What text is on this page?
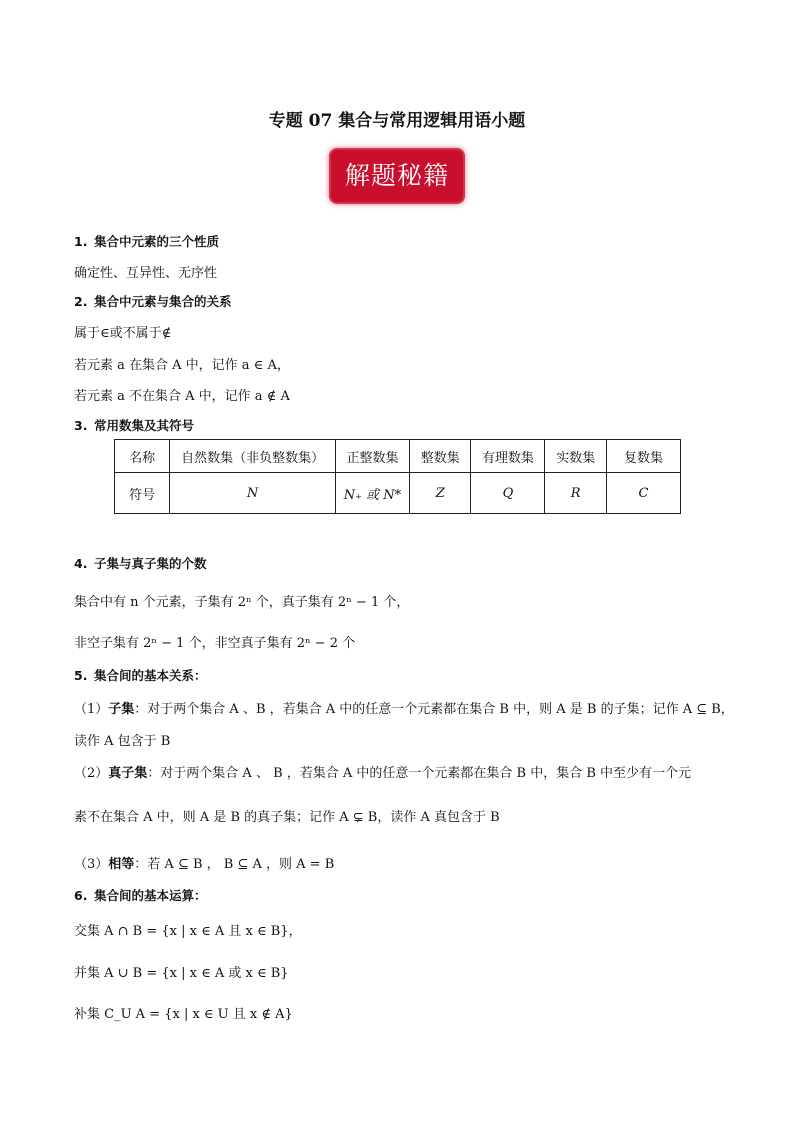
专题 07 集合与常用逻辑用语小题
解题秘籍
1. 集合中元素的三个性质
确定性、互异性、无序性
2. 集合中元素与集合的关系
属于∈或不属于∉
若元素 a 在集合 A 中，记作 a ∈ A，
若元素 a 不在集合 A 中，记作 a ∉ A
3. 常用数集及其符号
名称	自然数集（非负整数集）	正整数集	整数集	有理数集	实数集	复数集
符号	N	N₊ 或 N*	Z	Q	R	C
4. 子集与真子集的个数
集合中有 n 个元素，子集有 2ⁿ 个，真子集有 2ⁿ − 1 个，
非空子集有 2ⁿ − 1 个，非空真子集有 2ⁿ − 2 个
5. 集合间的基本关系：
（1）子集：对于两个集合 A 、B ，若集合 A 中的任意一个元素都在集合 B 中，则 A 是 B 的子集；记作 A ⊆ B，
读作 A 包含于 B
（2）真子集：对于两个集合 A 、 B ，若集合 A 中的任意一个元素都在集合 B 中，集合 B 中至少有一个元
素不在集合 A 中，则 A 是 B 的真子集；记作 A ⊊ B，读作 A 真包含于 B
（3）相等：若 A ⊆ B ， B ⊆ A ，则 A = B
6. 集合间的基本运算：
交集 A ∩ B = {x | x ∈ A 且 x ∈ B}，
并集 A ∪ B = {x | x ∈ A 或 x ∈ B}
补集 C_U A = {x | x ∈ U 且 x ∉ A}
